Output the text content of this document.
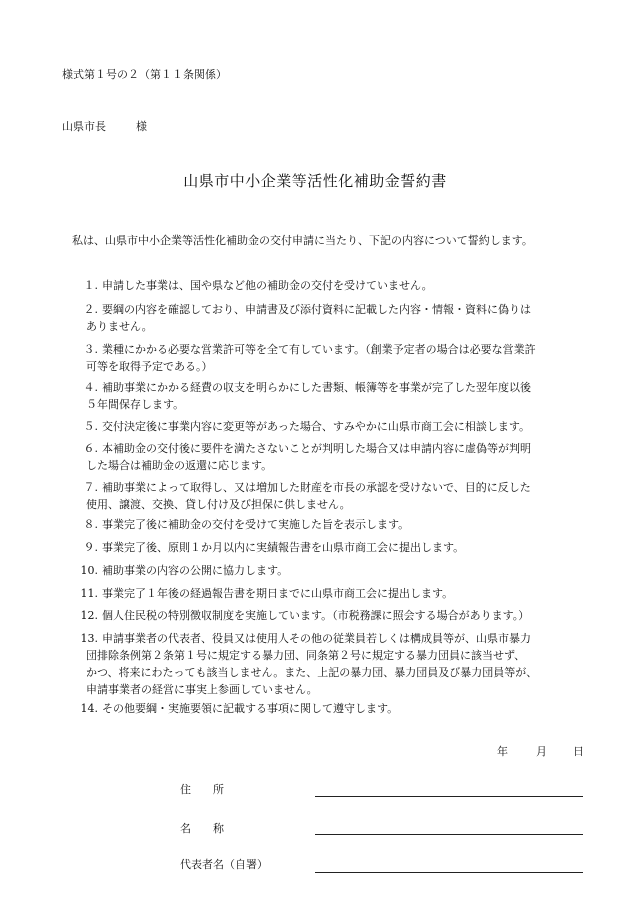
様式第１号の２（第１１条関係）
山県市長	様
山県市中小企業等活性化補助金誓約書
私は、山県市中小企業等活性化補助金の交付申請に当たり、下記の内容について誓約します。
１. 申請した事業は、国や県など他の補助金の交付を受けていません。
２. 要綱の内容を確認しており、申請書及び添付資料に記載した内容・情報・資料に偽りは
ありません。
３. 業種にかかる必要な営業許可等を全て有しています。（創業予定者の場合は必要な営業許
可等を取得予定である。）
４. 補助事業にかかる経費の収支を明らかにした書類、帳簿等を事業が完了した翌年度以後
５年間保存します。
５. 交付決定後に事業内容に変更等があった場合、すみやかに山県市商工会に相談します。
６. 本補助金の交付後に要件を満たさないことが判明した場合又は申請内容に虚偽等が判明
した場合は補助金の返還に応じます。
７. 補助事業によって取得し、又は増加した財産を市長の承認を受けないで、目的に反した
使用、譲渡、交換、貸し付け及び担保に供しません。
８. 事業完了後に補助金の交付を受けて実施した旨を表示します。
９. 事業完了後、原則１か月以内に実績報告書を山県市商工会に提出します。
10. 補助事業の内容の公開に協力します。
11. 事業完了１年後の経過報告書を期日までに山県市商工会に提出します。
12. 個人住民税の特別徴収制度を実施しています。（市税務課に照会する場合があります。）
13. 申請事業者の代表者、役員又は使用人その他の従業員若しくは構成員等が、山県市暴力
団排除条例第２条第１号に規定する暴力団、同条第２号に規定する暴力団員に該当せず、
かつ、将来にわたっても該当しません。また、上記の暴力団、暴力団員及び暴力団員等が、
申請事業者の経営に事実上参画していません。
14. その他要綱・実施要領に記載する事項に関して遵守します。
年	月 日
住　　所
名　　称
代表者名（自署）
